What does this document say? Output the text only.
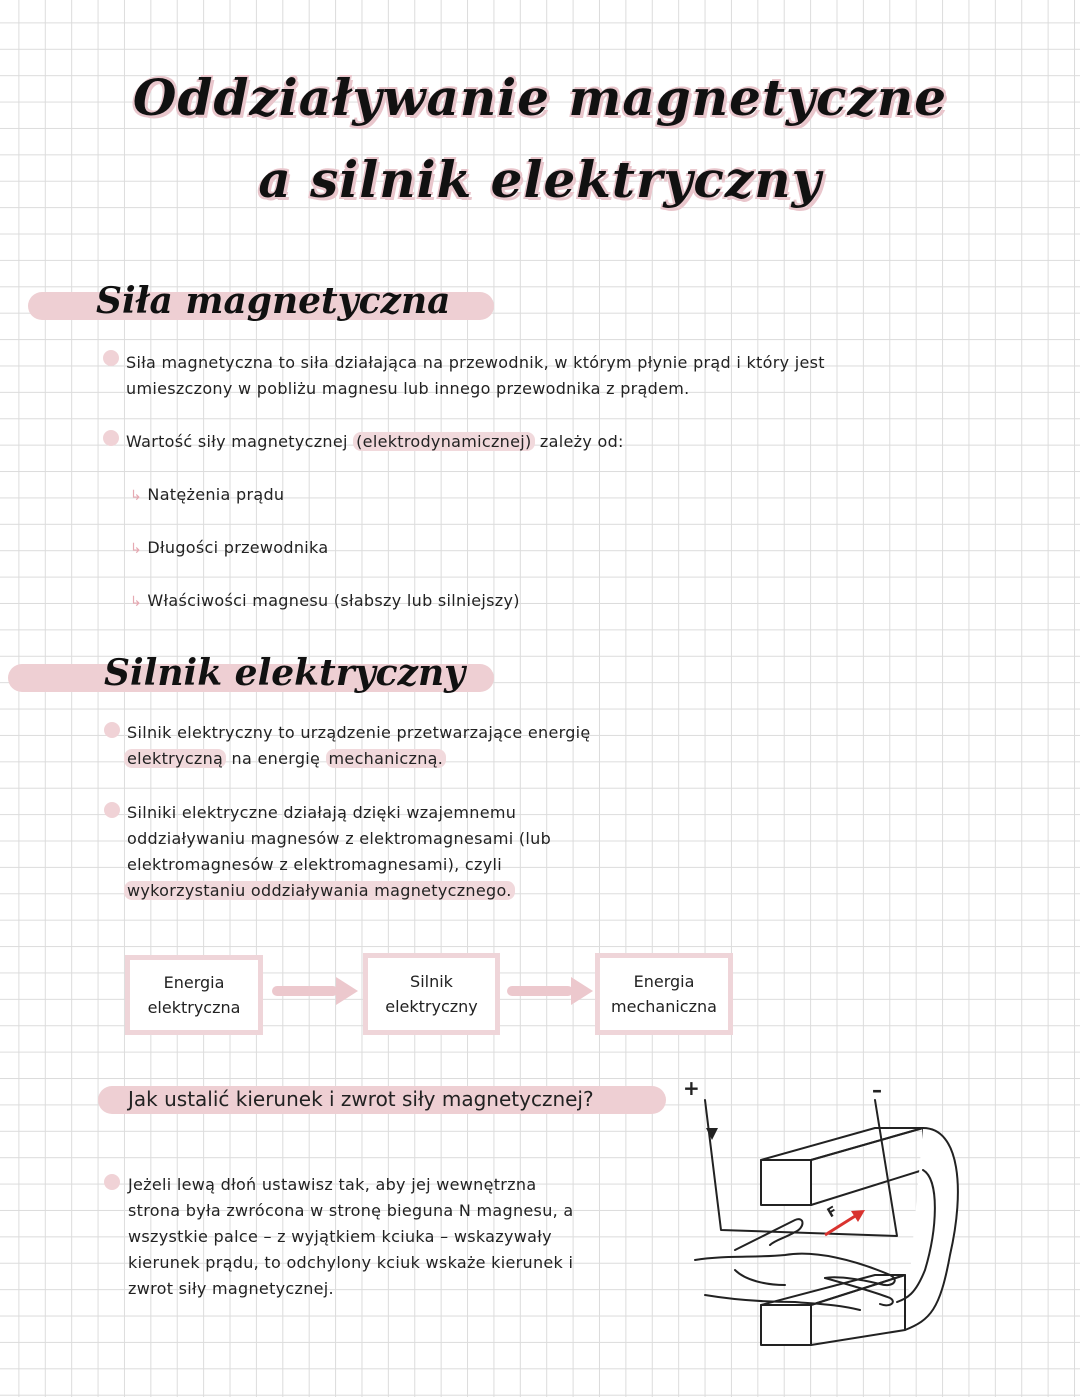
Oddziaływanie magnetyczne
a silnik elektryczny
Siła magnetyczna
Siła magnetyczna to siła działająca na przewodnik, w którym płynie prąd i który jest
umieszczony w pobliżu magnesu lub innego przewodnika z prądem.
Wartość siły magnetycznej (elektrodynamicznej) zależy od:
↳ Natężenia prądu
↳ Długości przewodnika
↳ Właściwości magnesu (słabszy lub silniejszy)
Silnik elektryczny
Silnik elektryczny to urządzenie przetwarzające energię
elektryczną na energię mechaniczną.
Silniki elektryczne działają dzięki wzajemnemu
oddziaływaniu magnesów z elektromagnesami (lub
elektromagnesów z elektromagnesami), czyli
wykorzystaniu oddziaływania magnetycznego.
Energia
elektryczna
Silnik
elektryczny
Energia
mechaniczna
Jak ustalić kierunek i zwrot siły magnetycznej?
Jeżeli lewą dłoń ustawisz tak, aby jej wewnętrzna
strona była zwrócona w stronę bieguna N magnesu, a
wszystkie palce – z wyjątkiem kciuka – wskazywały
kierunek prądu, to odchylony kciuk wskaże kierunek i
zwrot siły magnetycznej.
+	–
F
